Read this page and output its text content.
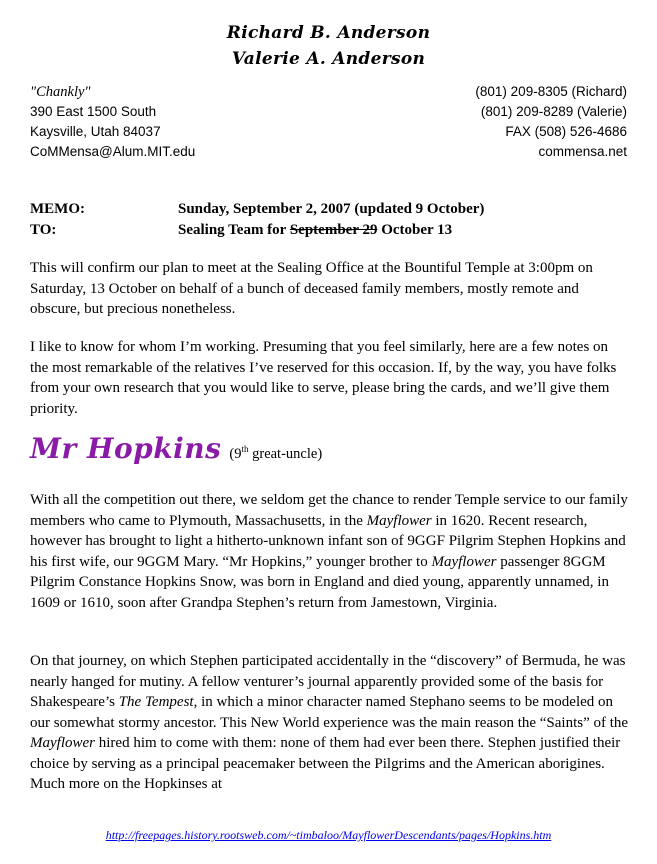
Richard B. Anderson
Valerie A. Anderson
"Chankly"
390 East 1500 South
Kaysville, Utah 84037
CoMMensa@Alum.MIT.edu
(801) 209-8305 (Richard)
(801) 209-8289 (Valerie)
FAX (508) 526-4686
commensa.net
MEMO:	Sunday, September 2, 2007 (updated 9 October)
TO:	Sealing Team for September 29 October 13

This will confirm our plan to meet at the Sealing Office at the Bountiful Temple at 3:00pm on Saturday, 13 October on behalf of a bunch of deceased family members, mostly remote and obscure, but precious nonetheless.

I like to know for whom I’m working. Presuming that you feel similarly, here are a few notes on the most remarkable of the relatives I’ve reserved for this occasion. If, by the way, you have folks from your own research that you would like to serve, please bring the cards, and we’ll give them priority.

Mr Hopkins (9th great-uncle)

With all the competition out there, we seldom get the chance to render Temple service to our family members who came to Plymouth, Massachusetts, in the Mayflower in 1620. Recent research, however has brought to light a hitherto-unknown infant son of 9GGF Pilgrim Stephen Hopkins and his first wife, our 9GGM Mary. “Mr Hopkins,” younger brother to Mayflower passenger 8GGM Pilgrim Constance Hopkins Snow, was born in England and died young, apparently unnamed, in 1609 or 1610, soon after Grandpa Stephen’s return from Jamestown, Virginia.

On that journey, on which Stephen participated accidentally in the “discovery” of Bermuda, he was nearly hanged for mutiny. A fellow venturer’s journal apparently provided some of the basis for Shakespeare’s The Tempest, in which a minor character named Stephano seems to be modeled on our somewhat stormy ancestor. This New World experience was the main reason the “Saints” of the Mayflower hired him to come with them: none of them had ever been there. Stephen justified their choice by serving as a principal peacemaker between the Pilgrims and the American aborigines. Much more on the Hopkinses at

http://freepages.history.rootsweb.com/~timbaloo/MayflowerDescendants/pages/Hopkins.htm
